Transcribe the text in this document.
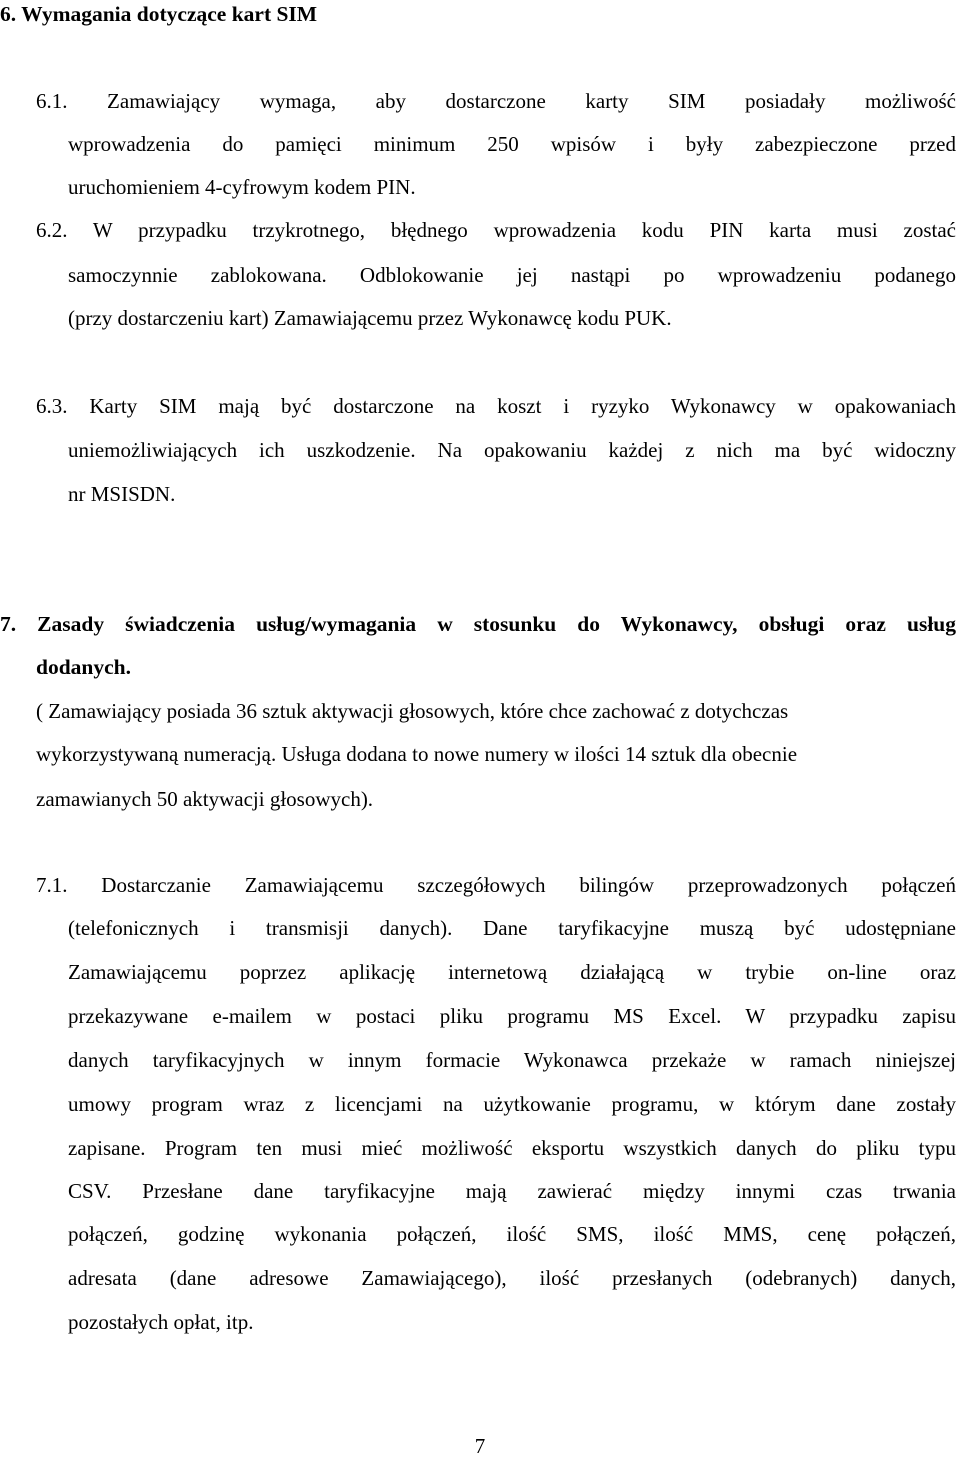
6. Wymagania dotyczące kart SIM
6.1. Zamawiający wymaga, aby dostarczone karty SIM posiadały możliwość
wprowadzenia do pamięci minimum 250 wpisów i były zabezpieczone przed
uruchomieniem 4-cyfrowym kodem PIN.
6.2. W przypadku trzykrotnego, błędnego wprowadzenia kodu PIN karta musi zostać
samoczynnie zablokowana. Odblokowanie jej nastąpi po wprowadzeniu podanego
(przy dostarczeniu kart) Zamawiającemu przez Wykonawcę kodu PUK.
6.3. Karty SIM mają być dostarczone na koszt i ryzyko Wykonawcy w opakowaniach
uniemożliwiających ich uszkodzenie. Na opakowaniu każdej z nich ma być widoczny
nr MSISDN.
7. Zasady świadczenia usług/wymagania w stosunku do Wykonawcy, obsługi oraz usług
dodanych.
( Zamawiający posiada 36 sztuk aktywacji głosowych, które chce zachować z dotychczas
wykorzystywaną numeracją. Usługa dodana to nowe numery w ilości 14 sztuk dla obecnie
zamawianych 50 aktywacji głosowych).
7.1. Dostarczanie Zamawiającemu szczegółowych bilingów przeprowadzonych połączeń
(telefonicznych i transmisji danych). Dane taryfikacyjne muszą być udostępniane
Zamawiającemu poprzez aplikację internetową działającą w trybie on-line oraz
przekazywane e-mailem w postaci pliku programu MS Excel. W przypadku zapisu
danych taryfikacyjnych w innym formacie Wykonawca przekaże w ramach niniejszej
umowy program wraz z licencjami na użytkowanie programu, w którym dane zostały
zapisane. Program ten musi mieć możliwość eksportu wszystkich danych do pliku typu
CSV. Przesłane dane taryfikacyjne mają zawierać między innymi czas trwania
połączeń, godzinę wykonania połączeń, ilość SMS, ilość MMS, cenę połączeń,
adresata (dane adresowe Zamawiającego), ilość przesłanych (odebranych) danych,
pozostałych opłat, itp.
7
